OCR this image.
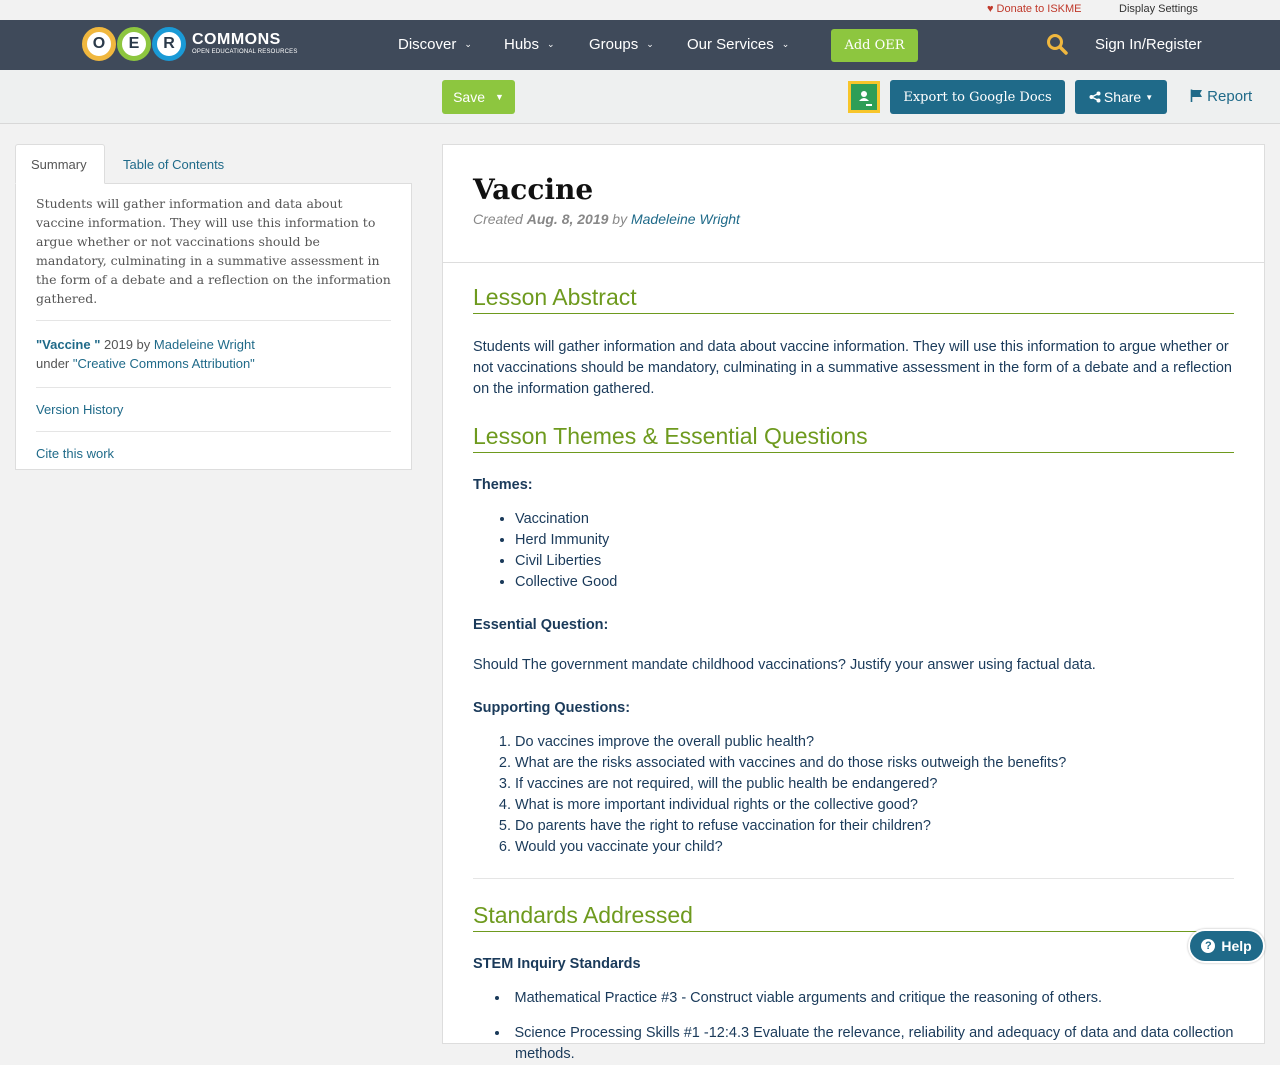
♥ Donate to ISKME	Display Settings
O	E	R	COMMONS
OPEN EDUCATIONAL RESOURCES	Discover ⌄ Hubs ⌄ Groups ⌄ Our Services ⌄	Add OER	Sign In/Register
Save ▼	Export to Google Docs	Share ▼	Report
Summary	Table of Contents
Students will gather information and data about vaccine information. They will use this information to argue whether or not vaccinations should be mandatory, culminating in a summative assessment in the form of a debate and a reflection on the information gathered.
"Vaccine " 2019 by Madeleine Wright
under "Creative Commons Attribution"
Version History
Cite this work
Vaccine
Created Aug. 8, 2019 by Madeleine Wright
Lesson Abstract

Students will gather information and data about vaccine information. They will use this information to argue whether or not vaccinations should be mandatory, culminating in a summative assessment in the form of a debate and a reflection on the information gathered.

Lesson Themes & Essential Questions
Themes:
• Vaccination
• Herd Immunity
• Civil Liberties
• Collective Good
Essential Question:

Should The government mandate childhood vaccinations? Justify your answer using factual data.

Supporting Questions:
1. Do vaccines improve the overall public health?
2. What are the risks associated with vaccines and do those risks outweigh the benefits?
3. If vaccines are not required, will the public health be endangered?
4. What is more important individual rights or the collective good?
5. Do parents have the right to refuse vaccination for their children?
6. Would you vaccinate your child?
Standards Addressed
STEM Inquiry Standards
• Mathematical Practice #3 - Construct viable arguments and critique the reasoning of others.
• Science Processing Skills #1 -12:4.3 Evaluate the relevance, reliability and adequacy of data and data collection methods.
? Help
